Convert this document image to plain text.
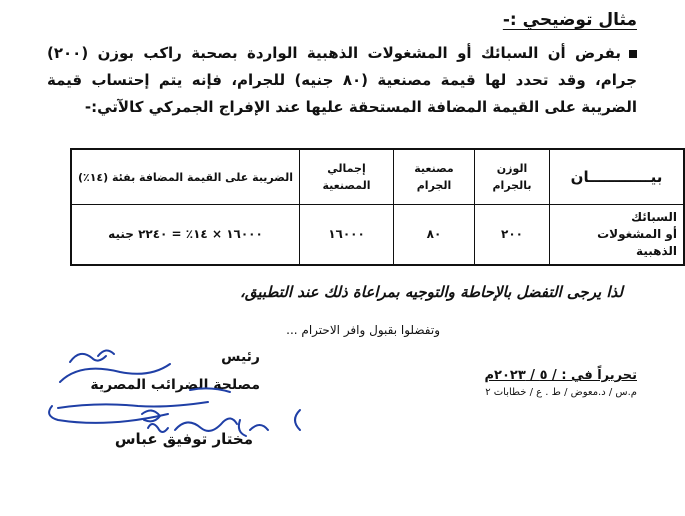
مثال توضيحي :-
بفرض أن السبائك أو المشغولات الذهبية الواردة بصحبة راكب بوزن (٢٠٠) جرام، وقد تحدد لها قيمة مصنعية (٨٠ جنيه) للجرام، فإنه يتم إحتساب قيمة الضريبة على القيمة المضافة المستحقة عليها عند الإفراج الجمركي كالآتي:-
بيــــــــــــان	الوزن بالجرام	مصنعية الجرام	إجمالي المصنعية	الضريبة على القيمة المضافة بفئة (١٤٪)

السبائك
أو المشغولات الذهبية	٢٠٠	٨٠	١٦٠٠٠	١٦٠٠٠ × ١٤٪ = ٢٢٤٠ جنيه
لذا يرجى التفضل بالإحاطة والتوجيه بمراعاة ذلك عند التطبيق،
وتفضلوا بقبول وافر الاحترام ...
رئيس
مصلحة الضرائب المصرية
مختار توفيق عباس
تحريراً في : / ٥ / ٢٠٢٣م
م.س / د.معوض / ط . ع / خطابات ٢
